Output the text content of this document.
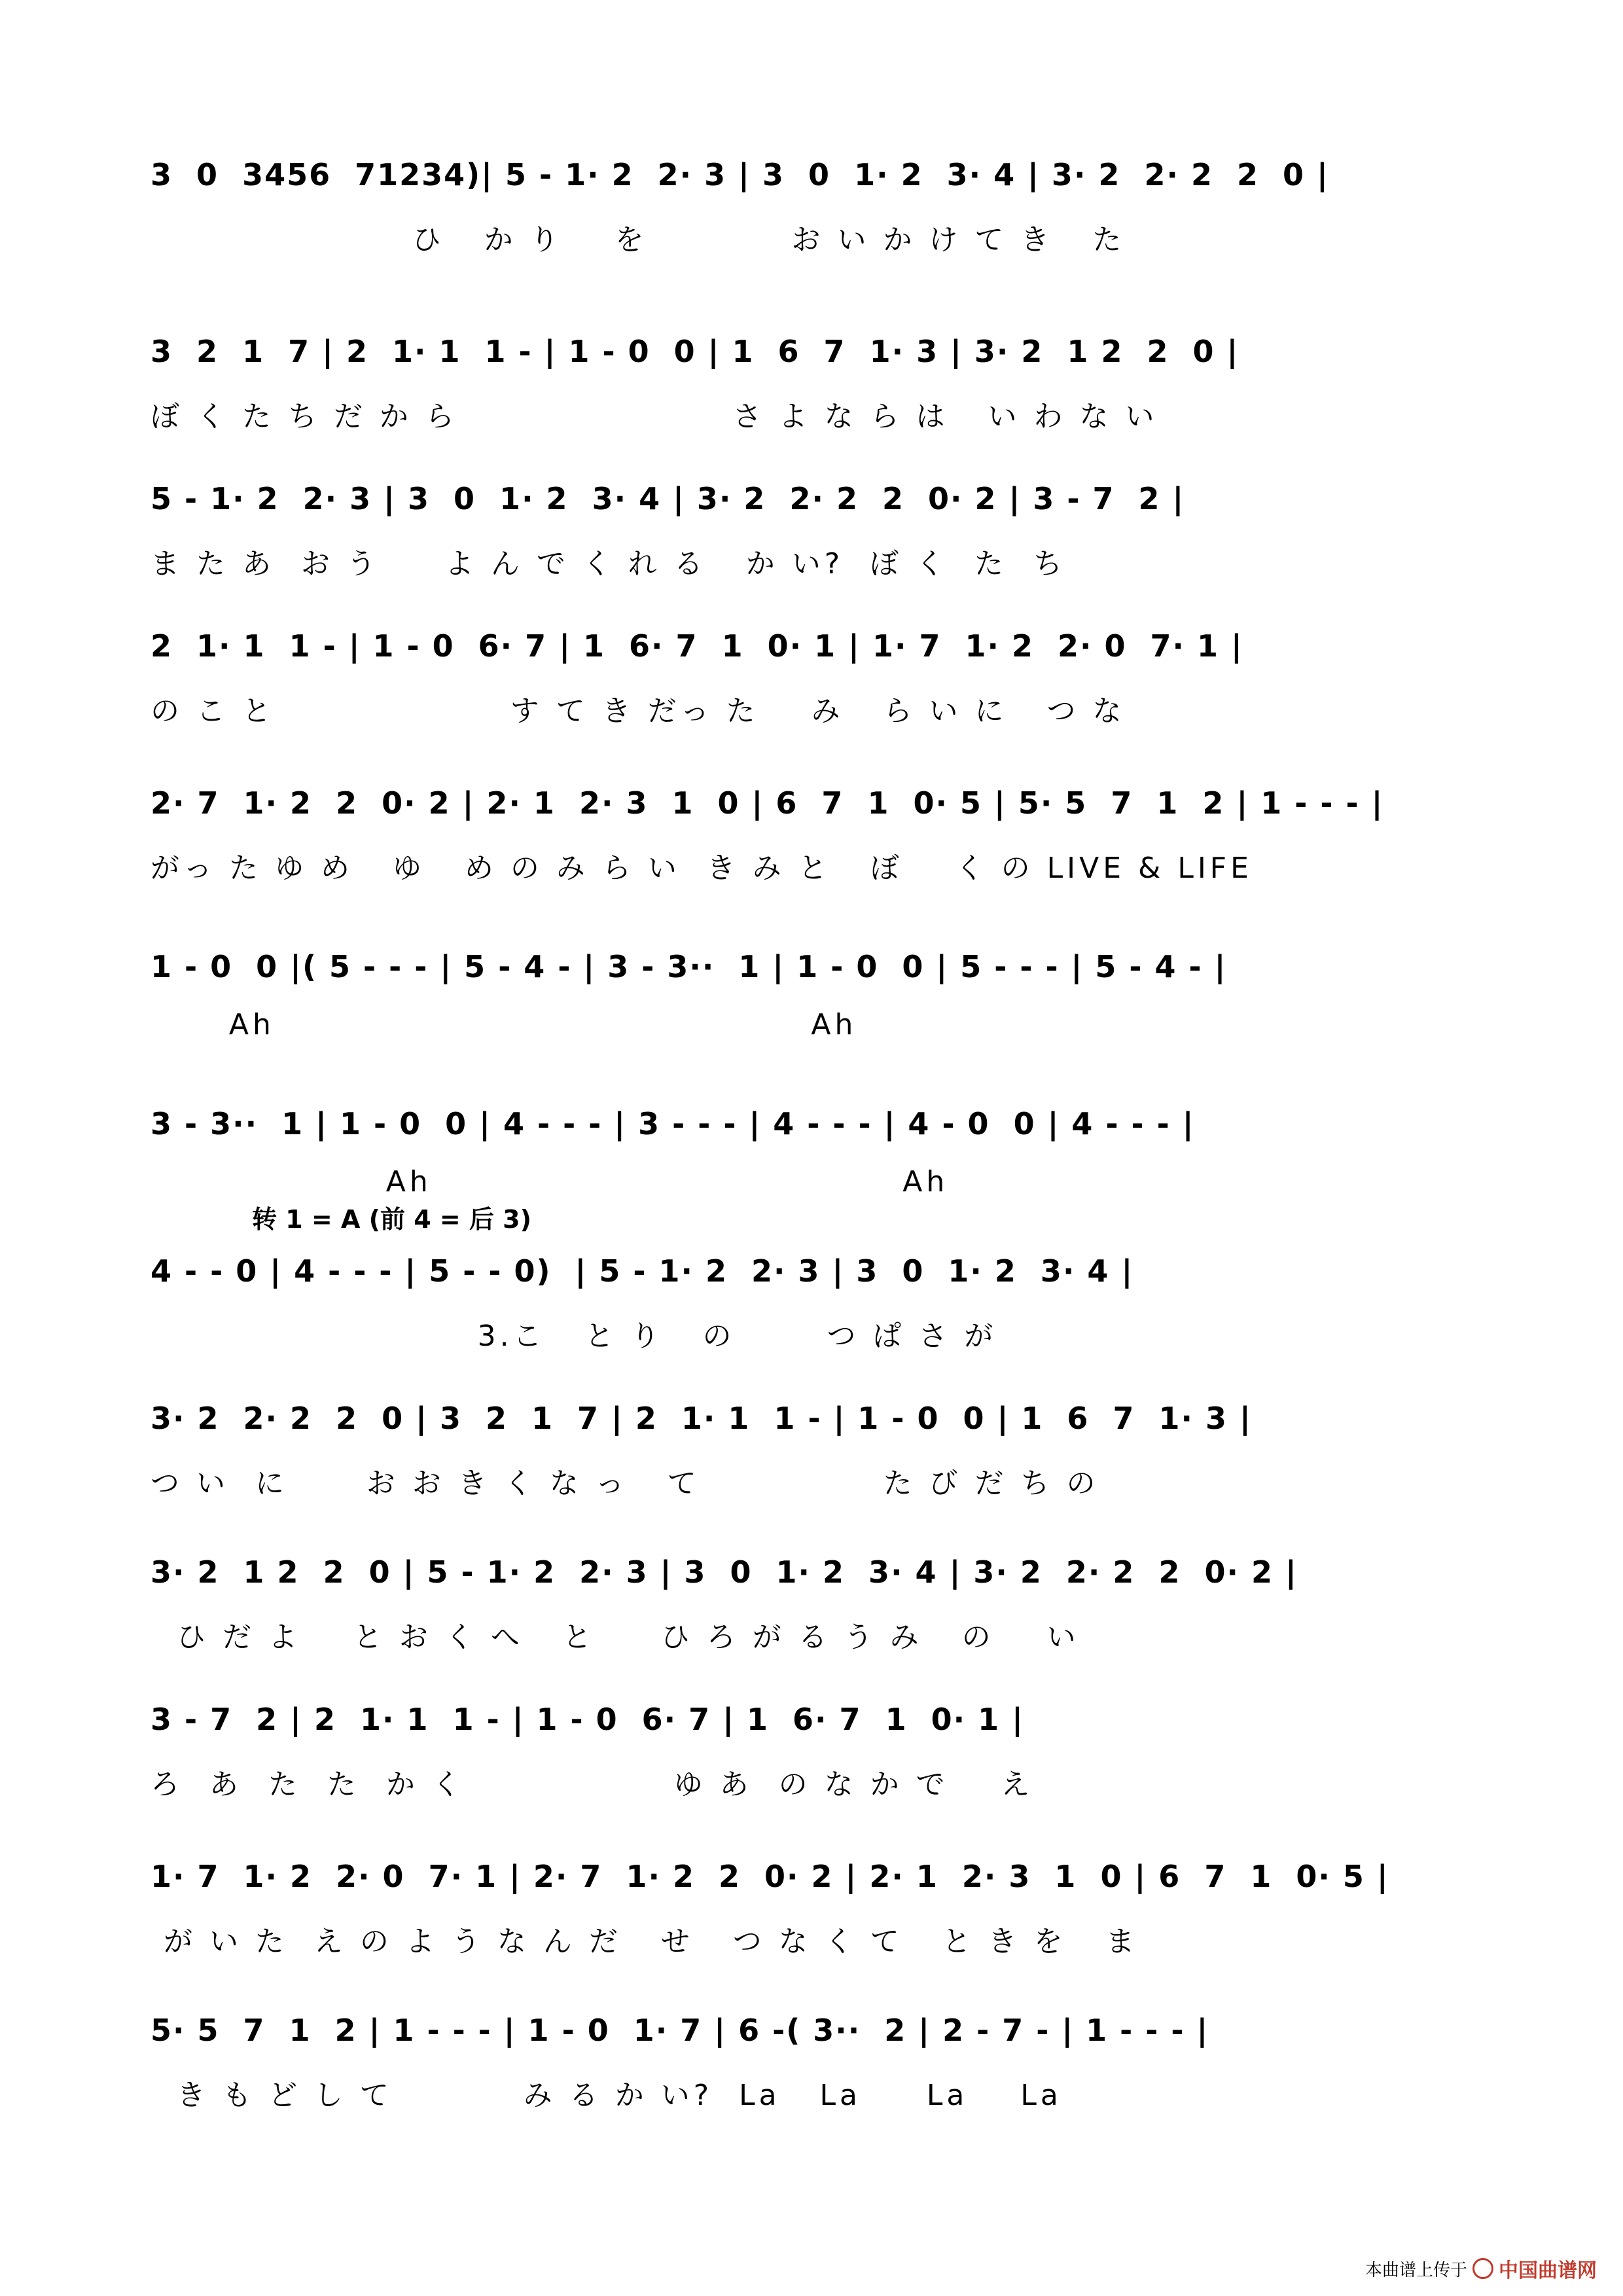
3  0  3456  71234)| 5 - 1· 2  2· 3 | 3  0  1· 2  3· 4 | 3· 2  2· 2  2  0 |
ひ   か り    を           お い か け て き   た
3  2  1  7 | 2  1· 1  1 - | 1 - 0  0 | 1  6  7  1· 3 | 3· 2  1 2  2  0 |
ぼ く た ち だ か ら                     さ よ な ら は   い わ な い
5 - 1· 2  2· 3 | 3  0  1· 2  3· 4 | 3· 2  2· 2  2  0· 2 | 3 - 7  2 |
ま た あ  お う     よ ん で く れ る   か い?  ぼ く  た  ち
2  1· 1  1 - | 1 - 0  6· 7 | 1  6· 7  1  0· 1 | 1· 7  1· 2  2· 0  7· 1 |
の こ と                  す て き だっ た    み   ら い に   つ な
2· 7  1· 2  2  0· 2 | 2· 1  2· 3  1  0 | 6  7  1  0· 5 | 5· 5  7  1  2 | 1 - - - |
がっ た ゆ め   ゆ   め の み ら い  き み と   ぼ    く の LIVE & LIFE
1 - 0  0 |( 5 - - - | 5 - 4 - | 3 - 3··  1 | 1 - 0  0 | 5 - - - | 5 - 4 - |
Ah                                         Ah
3 - 3··  1 | 1 - 0  0 | 4 - - - | 3 - - - | 4 - - - | 4 - 0  0 | 4 - - - |
Ah                                    Ah
转 1 = A (前 4 = 后 3)
4 - - 0 | 4 - - - | 5 - - 0)  | 5 - 1· 2  2· 3 | 3  0  1· 2  3· 4 |
3.こ   と り   の       つ ぱ さ が
3· 2  2· 2  2  0 | 3  2  1  7 | 2  1· 1  1 - | 1 - 0  0 | 1  6  7  1· 3 |
つ い  に      お お き く な っ   て              た び だ ち の
3· 2  1 2  2  0 | 5 - 1· 2  2· 3 | 3  0  1· 2  3· 4 | 3· 2  2· 2  2  0· 2 |
ひ だ よ    と お く へ   と     ひ ろ が る う み   の    い
3 - 7  2 | 2  1· 1  1 - | 1 - 0  6· 7 | 1  6· 7  1  0· 1 |
ろ  あ  た  た  か く                ゆ あ  の な か で    え
1· 7  1· 2  2· 0  7· 1 | 2· 7  1· 2  2  0· 2 | 2· 1  2· 3  1  0 | 6  7  1  0· 5 |
が い た  え の よ う な ん だ   せ   つ な く て   と き を   ま
5· 5  7  1  2 | 1 - - - | 1 - 0  1· 7 | 6 -( 3··  2 | 2 - 7 - | 1 - - - |
き も ど し て          み る か い?  La   La     La    La
本曲谱上传于 中国曲谱网
